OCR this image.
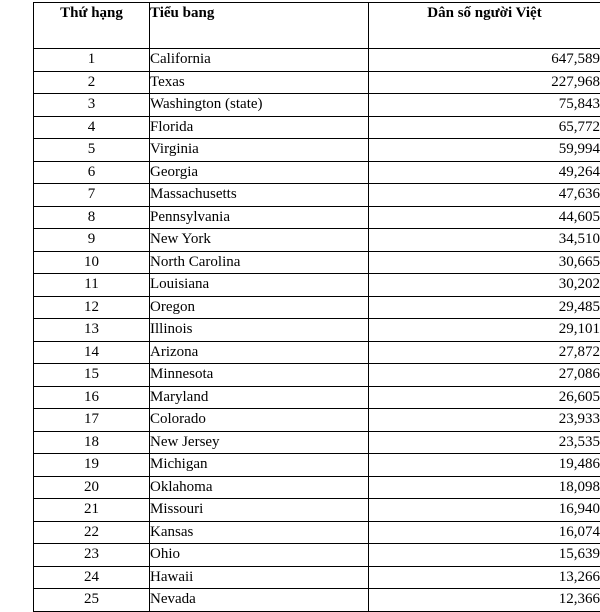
Thứ hạng	Tiểu bang	Dân số người Việt
1	California	647,589
2	Texas	227,968
3	Washington (state)	75,843
4	Florida	65,772
5	Virginia	59,994
6	Georgia	49,264
7	Massachusetts	47,636
8	Pennsylvania	44,605
9	New York	34,510
10	North Carolina	30,665
11	Louisiana	30,202
12	Oregon	29,485
13	Illinois	29,101
14	Arizona	27,872
15	Minnesota	27,086
16	Maryland	26,605
17	Colorado	23,933
18	New Jersey	23,535
19	Michigan	19,486
20	Oklahoma	18,098
21	Missouri	16,940
22	Kansas	16,074
23	Ohio	15,639
24	Hawaii	13,266
25	Nevada	12,366
